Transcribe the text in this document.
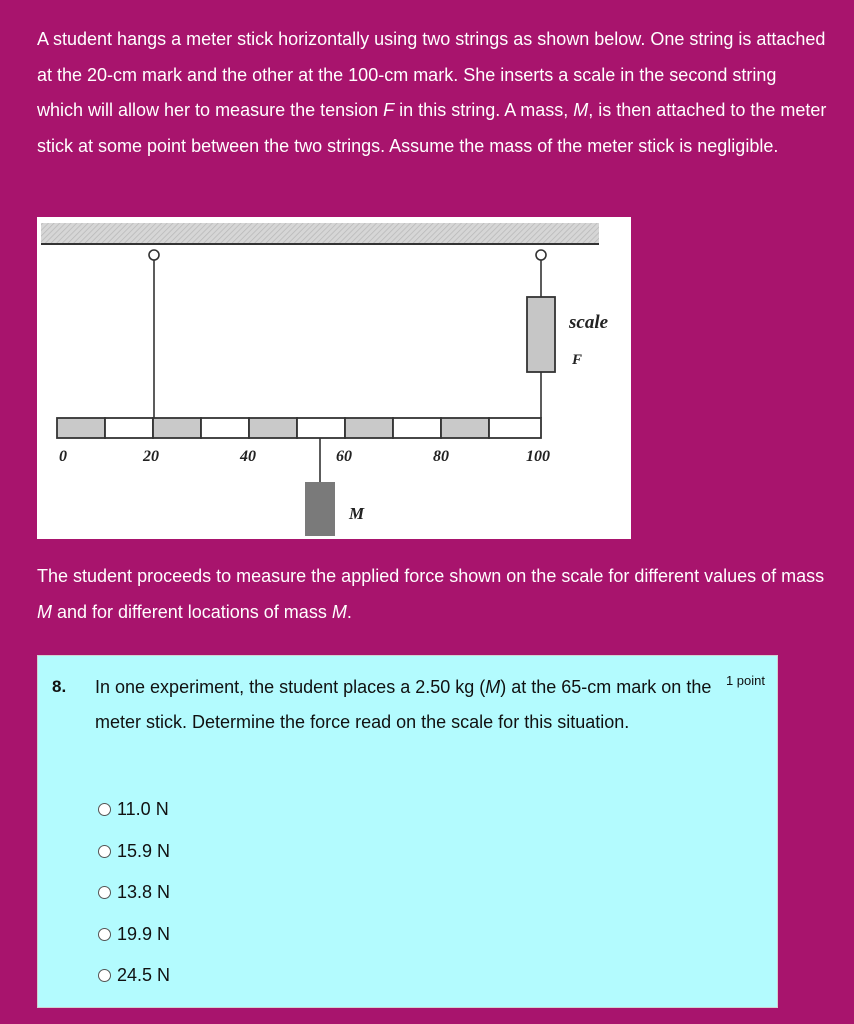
A student hangs a meter stick horizontally using two strings as shown below. One string is attached at the 20-cm mark and the other at the 100-cm mark. She inserts a scale in the second string which will allow her to measure the tension F in this string. A mass, M, is then attached to the meter stick at some point between the two strings. Assume the mass of the meter stick is negligible.
scale
F
0	20	40	60	80	100
M
The student proceeds to measure the applied force shown on the scale for different values of mass M and for different locations of mass M.
8. In one experiment, the student places a 2.50 kg (M) at the 65-cm mark on the meter stick. Determine the force read on the scale for this situation.
1 point
11.0 N
15.9 N
13.8 N
19.9 N
24.5 N
